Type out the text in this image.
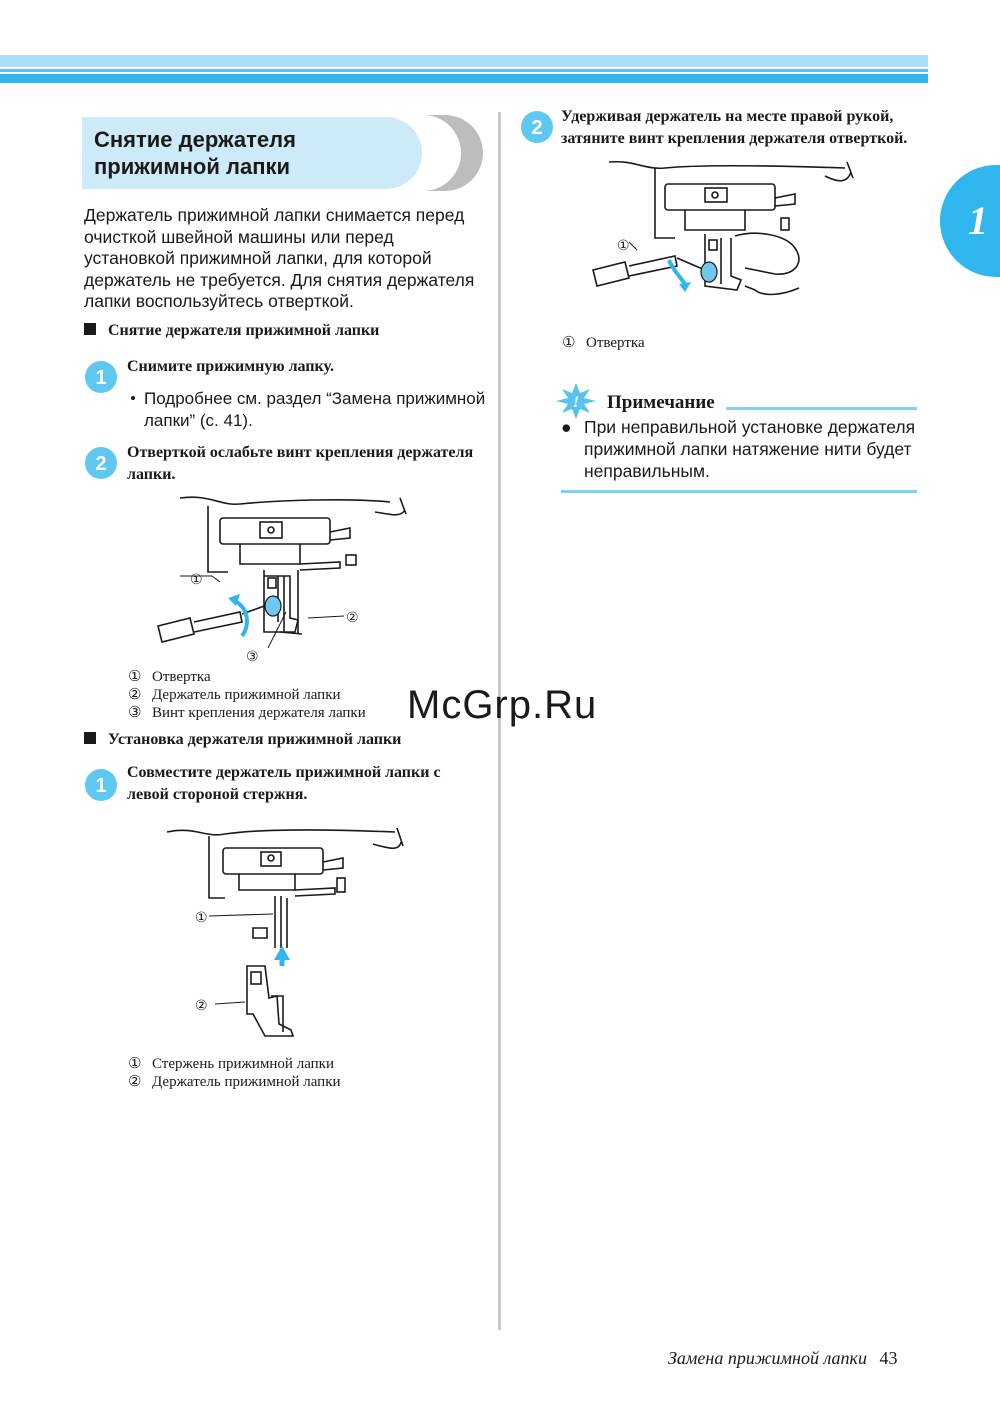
1
Снятие держателя
прижимной лапки
Держатель прижимной лапки снимается перед очисткой швейной машины или перед установкой прижимной лапки, для которой держатель не требуется. Для снятия держателя лапки воспользуйтесь отверткой.
Снятие держателя прижимной лапки
1
Снимите прижимную лапку.
• Подробнее см. раздел “Замена прижимной лапки” (с. 41).
2
Отверткой ослабьте винт крепления держателя
лапки.
①
②
③
① Отвертка
② Держатель прижимной лапки
③ Винт крепления держателя лапки
Установка держателя прижимной лапки
1
Совместите держатель прижимной лапки с
левой стороной стержня.
①
②
① Стержень прижимной лапки
② Держатель прижимной лапки
2
Удерживая держатель на месте правой рукой,
затяните винт крепления держателя отверткой.
①
① Отвертка
! Примечание
● При неправильной установке держателя
прижимной лапки натяжение нити будет
неправильным.
McGrp.Ru
Замена прижимной лапки 43
